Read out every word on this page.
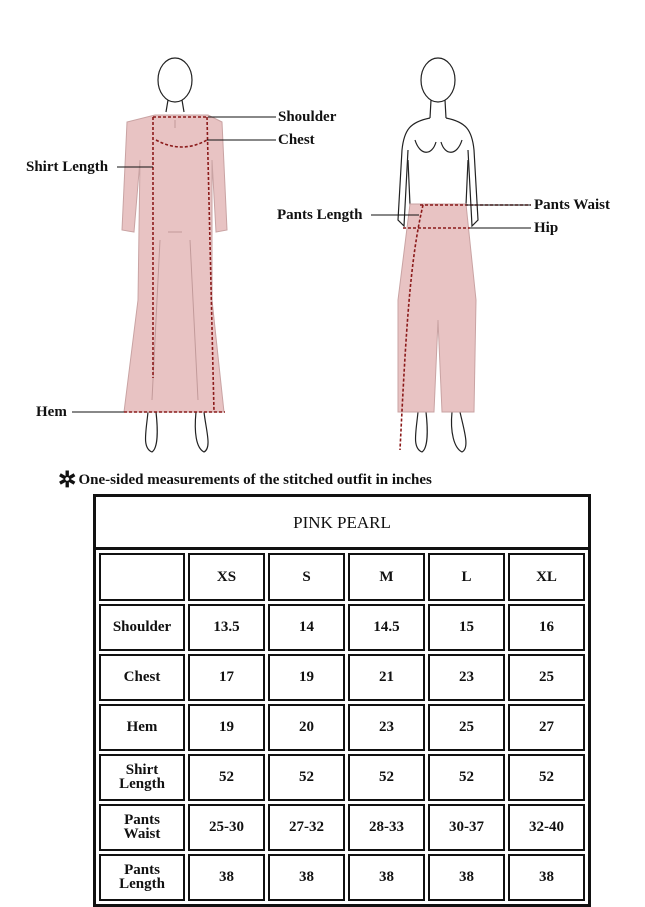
Shoulder
Chest
Shirt Length
Hem
Pants Waist
Hip
Pants Length
✲ One-sided measurements of the stitched outfit in inches
PINK PEARL

	XS	S	M	L	XL
Shoulder	13.5	14	14.5	15	16
Chest	17	19	21	23	25
Hem	19	20	23	25	27
Shirt Length	52	52	52	52	52
Pants Waist	25-30	27-32	28-33	30-37	32-40
Pants Length	38	38	38	38	38
